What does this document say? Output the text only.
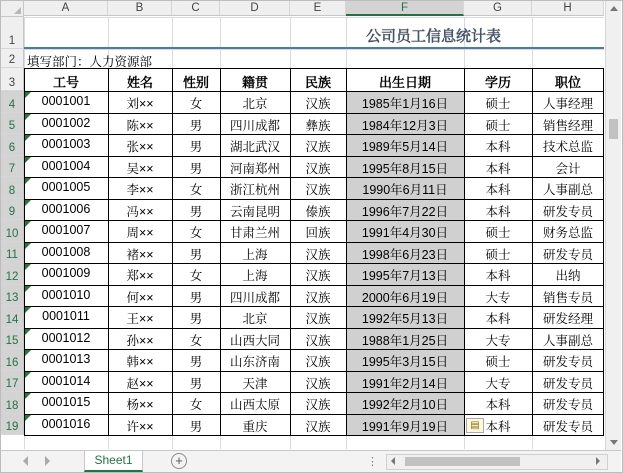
A	B	C	D	E	F	G	H
1
2
3
4
5
6
7
8
9
10
11
12
13
14
15
16
17
18
19
公司员工信息统计表
填写部门：人力资源部
工号	姓名	性别	籍贯	民族	出生日期	学历	职位
0001001	刘××	女	北京	汉族	1985年1月16日	硕士	人事经理
0001002	陈××	男	四川成都	彝族	1984年12月3日	硕士	销售经理
0001003	张××	男	湖北武汉	汉族	1989年5月14日	本科	技术总监
0001004	吴××	男	河南郑州	汉族	1995年8月15日	本科	会计
0001005	李××	女	浙江杭州	汉族	1990年6月11日	本科	人事副总
0001006	冯××	男	云南昆明	傣族	1996年7月22日	本科	研发专员
0001007	周××	女	甘肃兰州	回族	1991年4月30日	硕士	财务总监
0001008	褚××	男	上海	汉族	1998年6月23日	硕士	研发专员
0001009	郑××	女	上海	汉族	1995年7月13日	本科	出纳
0001010	何××	男	四川成都	汉族	2000年6月19日	大专	销售专员
0001011	王××	男	北京	汉族	1992年5月13日	本科	研发经理
0001012	孙××	女	山西大同	汉族	1988年1月25日	大专	人事副总
0001013	韩××	男	山东济南	汉族	1995年3月15日	硕士	研发专员
0001014	赵××	男	天津	汉族	1991年2月14日	大专	研发专员
0001015	杨××	女	山西太原	汉族	1992年2月10日	本科	研发专员
0001016	许××	男	重庆	汉族	1991年9月19日	本科	研发专员
▤
Sheet1	+	⋮
